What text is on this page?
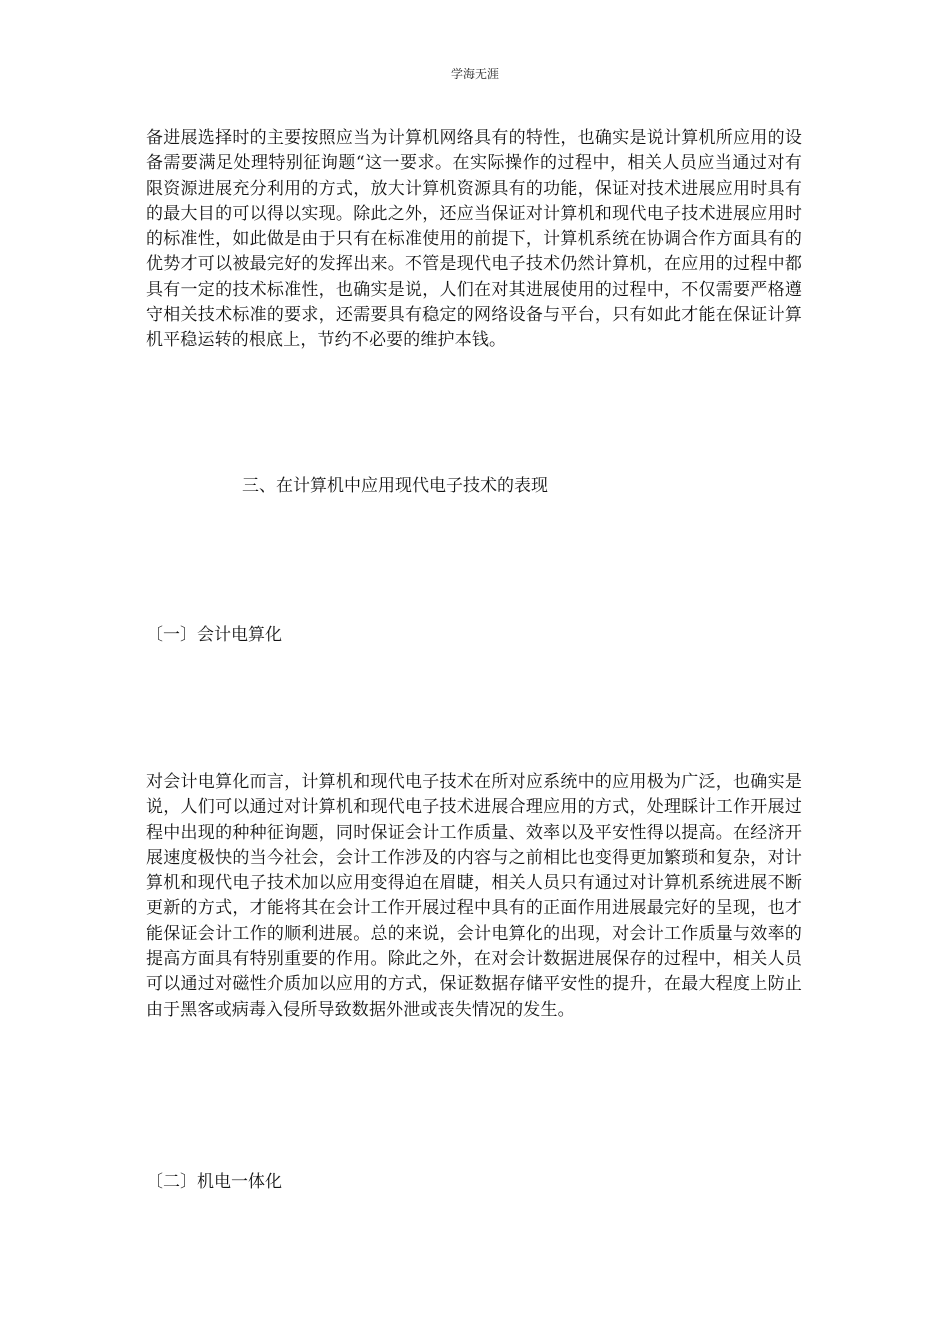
学海无涯

备进展选择时的主要按照应当为计算机网络具有的特性，也确实是说计算机所应用的设备需要满足处理特别征询题“这一要求。在实际操作的过程中，相关人员应当通过对有限资源进展充分利用的方式，放大计算机资源具有的功能，保证对技术进展应用时具有的最大目的可以得以实现。除此之外，还应当保证对计算机和现代电子技术进展应用时的标准性，如此做是由于只有在标准使用的前提下，计算机系统在协调合作方面具有的优势才可以被最完好的发挥出来。不管是现代电子技术仍然计算机，在应用的过程中都具有一定的技术标准性，也确实是说，人们在对其进展使用的过程中，不仅需要严格遵守相关技术标准的要求，还需要具有稳定的网络设备与平台，只有如此才能在保证计算机平稳运转的根底上，节约不必要的维护本钱。

三、在计算机中应用现代电子技术的表现
〔一〕会计电算化

对会计电算化而言，计算机和现代电子技术在所对应系统中的应用极为广泛，也确实是说，人们可以通过对计算机和现代电子技术进展合理应用的方式，处理睬计工作开展过程中出现的种种征询题，同时保证会计工作质量、效率以及平安性得以提高。在经济开展速度极快的当今社会，会计工作涉及的内容与之前相比也变得更加繁琐和复杂，对计算机和现代电子技术加以应用变得迫在眉睫，相关人员只有通过对计算机系统进展不断更新的方式，才能将其在会计工作开展过程中具有的正面作用进展最完好的呈现，也才能保证会计工作的顺利进展。总的来说，会计电算化的出现，对会计工作质量与效率的提高方面具有特别重要的作用。除此之外，在对会计数据进展保存的过程中，相关人员可以通过对磁性介质加以应用的方式，保证数据存储平安性的提升，在最大程度上防止由于黑客或病毒入侵所导致数据外泄或丧失情况的发生。

〔二〕机电一体化
